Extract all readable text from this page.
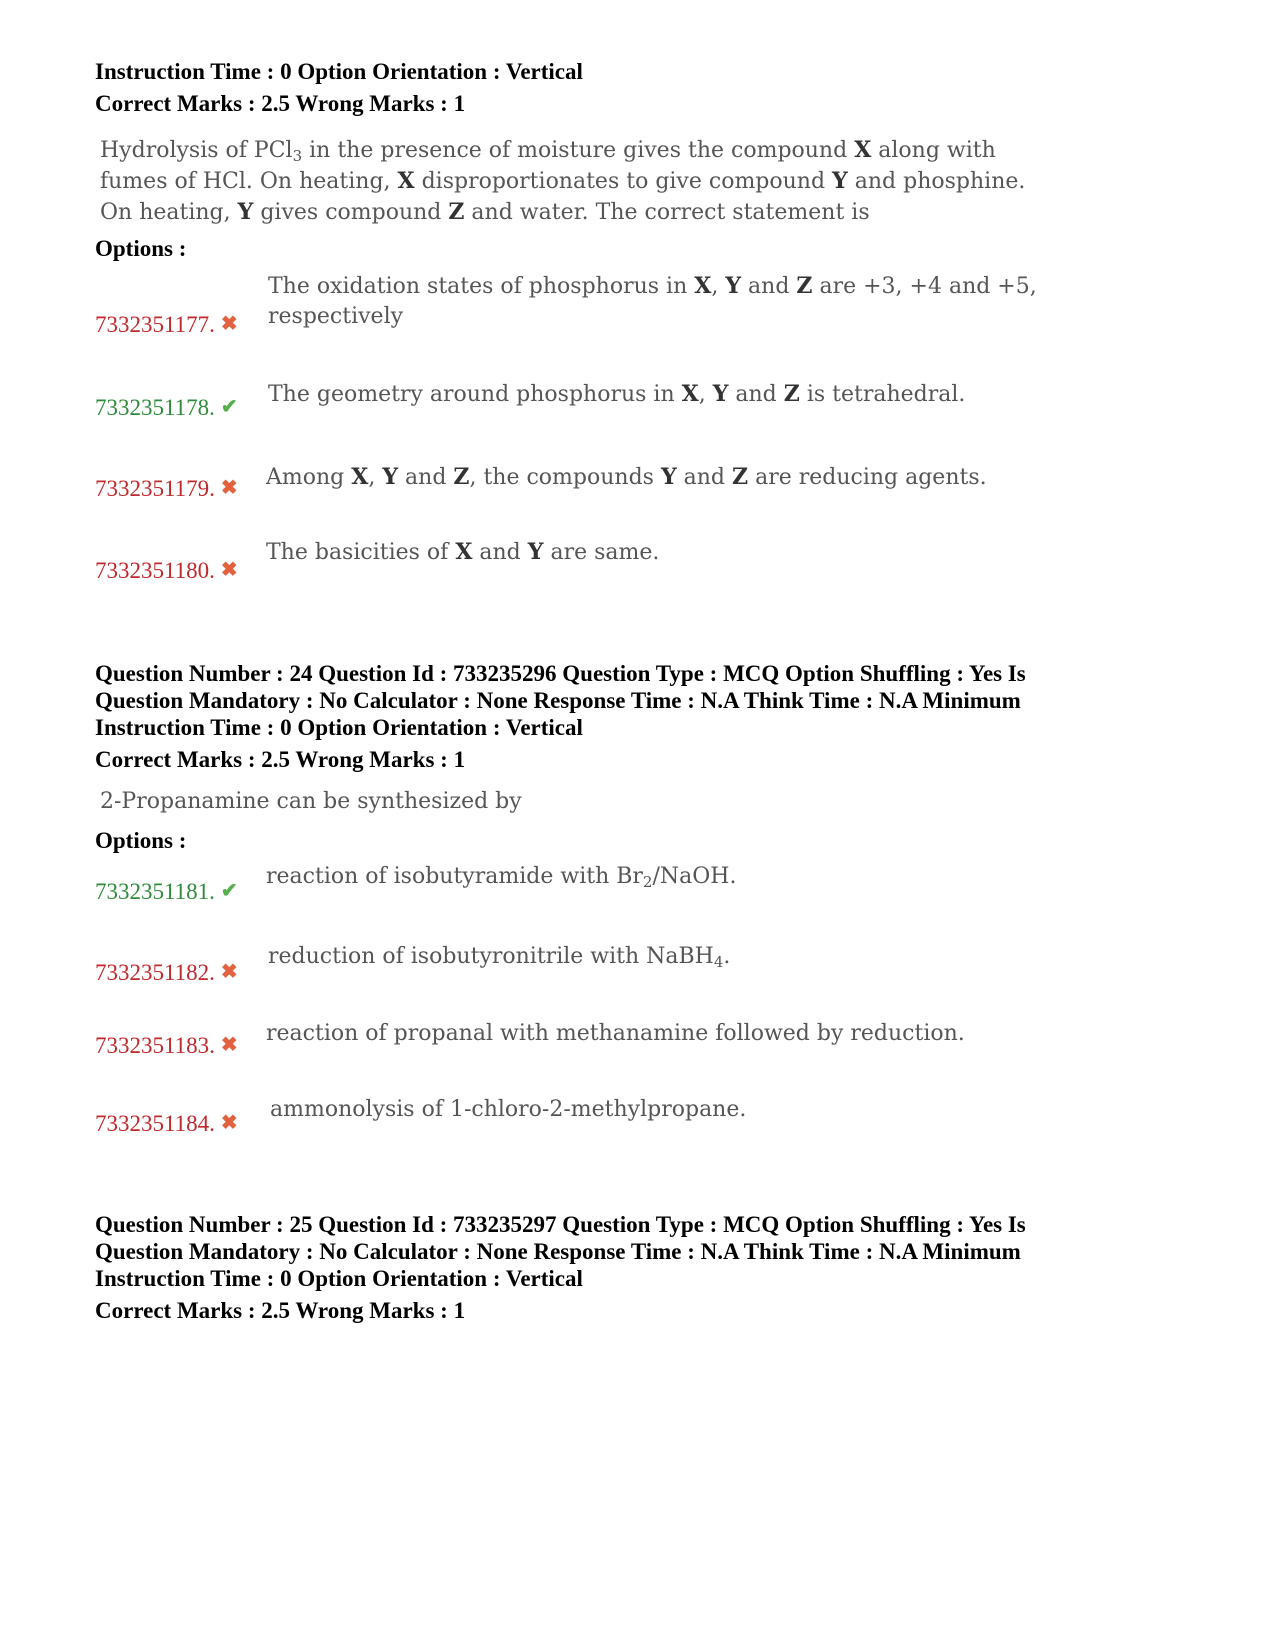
Instruction Time : 0 Option Orientation : Vertical

Correct Marks : 2.5 Wrong Marks : 1

Hydrolysis of PCl$_3$ in the presence of moisture gives the compound X along with

fumes of HCl. On heating, X disproportionates to give compound Y and phosphine.

On heating, Y gives compound Z and water. The correct statement is

Options :

7332351177. ✖

The oxidation states of phosphorus in X, Y and Z are +3, +4 and +5,

respectively

7332351178. ✔ The geometry around phosphorus in X, Y and Z is tetrahedral.

7332351179. ✖ Among X, Y and Z, the compounds Y and Z are reducing agents.

7332351180. ✖

The basicities of X and Y are same.

Question Number : 24 Question Id : 733235296 Question Type : MCQ Option Shuffling : Yes Is

Question Mandatory : No Calculator : None Response Time : N.A Think Time : N.A Minimum

Instruction Time : 0 Option Orientation : Vertical

Correct Marks : 2.5 Wrong Marks : 1

2-Propanamine can be synthesized by

Options :

7332351181. ✔

reaction of isobutyramide with $Br_2$/NaOH.

7332351182. ✖

reduction of isobutyronitrile with NaBH$_4$.

7332351183. ✖ reaction of propanal with methanamine followed by reduction.

7332351184. ✖

ammonolysis of 1-chloro-2-methylpropane.

Question Number : 25 Question Id : 733235297 Question Type : MCQ Option Shuffling : Yes Is

Question Mandatory : No Calculator : None Response Time : N.A Think Time : N.A Minimum

Instruction Time : 0 Option Orientation : Vertical

Correct Marks : 2.5 Wrong Marks : 1
